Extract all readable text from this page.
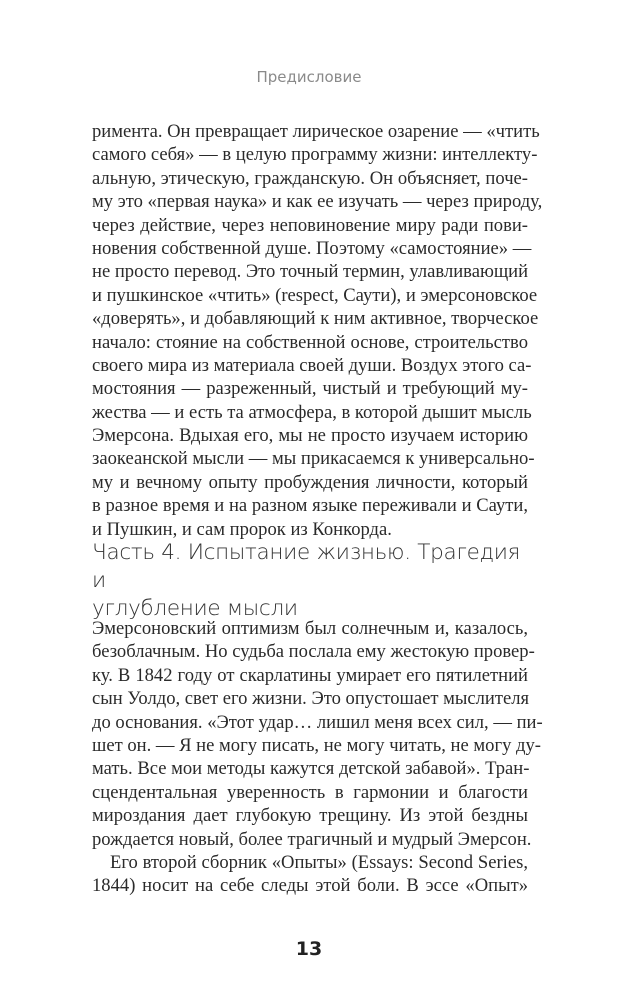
Предисловие
римента. Он превращает лирическое озарение — «чтить
самого себя» — в целую программу жизни: интеллекту-
альную, этическую, гражданскую. Он объясняет, поче-
му это «первая наука» и как ее изучать — через природу,
через действие, через неповиновение миру ради пови-
новения собственной душе. Поэтому «самостояние» —
не просто перевод. Это точный термин, улавливающий
и пушкинское «чтить» (respect, Саути), и эмерсоновское
«доверять», и добавляющий к ним активное, творческое
начало: стояние на собственной основе, строительство
своего мира из материала своей души. Воздух этого са-
мостояния — разреженный, чистый и требующий му-
жества — и есть та атмосфера, в которой дышит мысль
Эмерсона. Вдыхая его, мы не просто изучаем историю
заокеанской мысли — мы прикасаемся к универсально-
му и вечному опыту пробуждения личности, который
в разное время и на разном языке переживали и Саути,
и Пушкин, и сам пророк из Конкорда.
Часть 4. Испытание жизнью. Трагедия и
углубление мысли
Эмерсоновский оптимизм был солнечным и, казалось,
безоблачным. Но судьба послала ему жестокую провер-
ку. В 1842 году от скарлатины умирает его пятилетний
сын Уолдо, свет его жизни. Это опустошает мыслителя
до основания. «Этот удар… лишил меня всех сил, — пи-
шет он. — Я не могу писать, не могу читать, не могу ду-
мать. Все мои методы кажутся детской забавой». Тран-
сцендентальная уверенность в гармонии и благости
мироздания дает глубокую трещину. Из этой бездны
рождается новый, более трагичный и мудрый Эмерсон.
Его второй сборник «Опыты» (Essays: Second Series,
1844) носит на себе следы этой боли. В эссе «Опыт»
13
